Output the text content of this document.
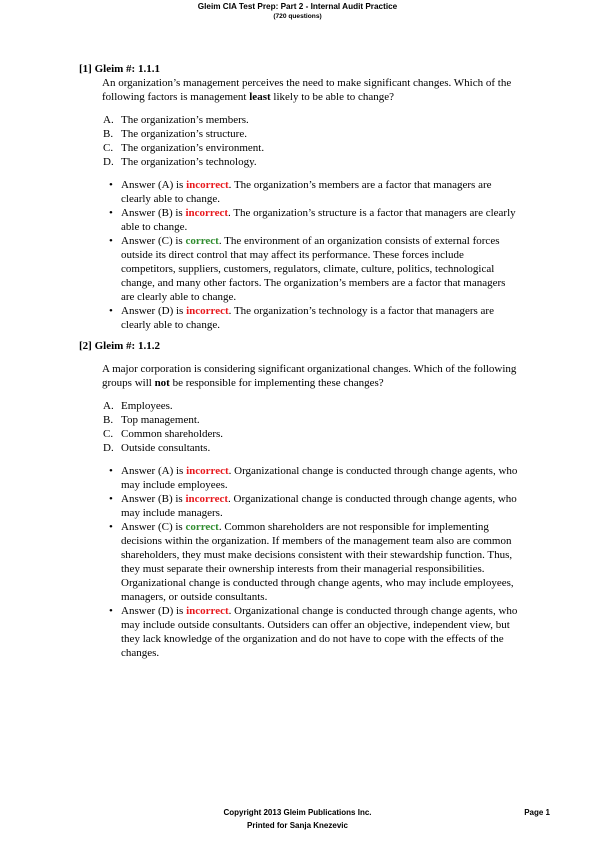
Gleim CIA Test Prep: Part 2 - Internal Audit Practice
(720 questions)
[1] Gleim #: 1.1.1
An organization’s management perceives the need to make significant changes. Which of the following factors is management least likely to be able to change?
A. The organization’s members.
B. The organization’s structure.
C. The organization’s environment.
D. The organization’s technology.
• Answer (A) is incorrect. The organization’s members are a factor that managers are clearly able to change.
• Answer (B) is incorrect. The organization’s structure is a factor that managers are clearly able to change.
• Answer (C) is correct. The environment of an organization consists of external forces outside its direct control that may affect its performance. These forces include competitors, suppliers, customers, regulators, climate, culture, politics, technological change, and many other factors. The organization’s members are a factor that managers are clearly able to change.
• Answer (D) is incorrect. The organization’s technology is a factor that managers are clearly able to change.
[2] Gleim #: 1.1.2
A major corporation is considering significant organizational changes. Which of the following groups will not be responsible for implementing these changes?
A. Employees.
B. Top management.
C. Common shareholders.
D. Outside consultants.
• Answer (A) is incorrect. Organizational change is conducted through change agents, who may include employees.
• Answer (B) is incorrect. Organizational change is conducted through change agents, who may include managers.
• Answer (C) is correct. Common shareholders are not responsible for implementing decisions within the organization. If members of the management team also are common shareholders, they must make decisions consistent with their stewardship function. Thus, they must separate their ownership interests from their managerial responsibilities. Organizational change is conducted through change agents, who may include employees, managers, or outside consultants.
• Answer (D) is incorrect. Organizational change is conducted through change agents, who may include outside consultants. Outsiders can offer an objective, independent view, but they lack knowledge of the organization and do not have to cope with the effects of the changes.
Copyright 2013 Gleim Publications Inc.
Printed for Sanja Knezevic
Page 1
